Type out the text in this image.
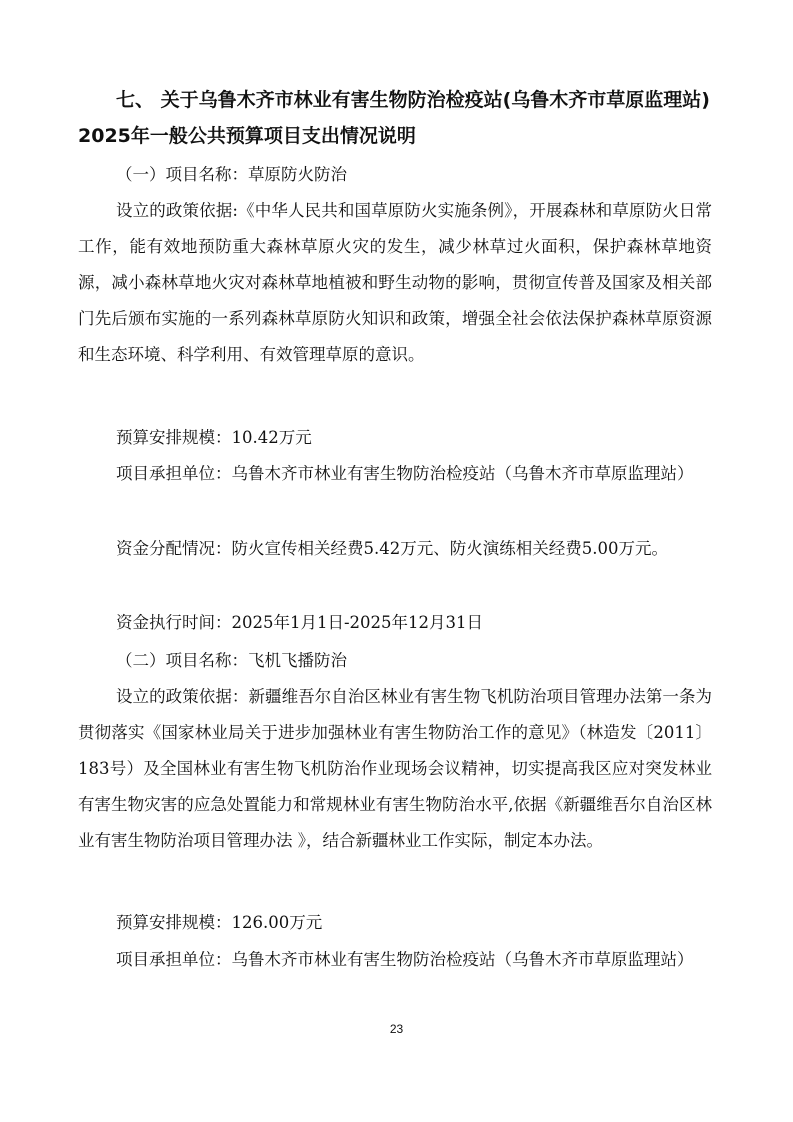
七、 关于乌鲁木齐市林业有害生物防治检疫站(乌鲁木齐市草原监理站)
2025年一般公共预算项目支出情况说明
（一）项目名称：草原防火防治
设立的政策依据:《中华人民共和国草原防火实施条例》，开展森林和草原防火日常工作，能有效地预防重大森林草原火灾的发生，减少林草过火面积，保护森林草地资源，减小森林草地火灾对森林草地植被和野生动物的影响，贯彻宣传普及国家及相关部门先后颁布实施的一系列森林草原防火知识和政策，增强全社会依法保护森林草原资源和生态环境、科学利用、有效管理草原的意识。
预算安排规模：10.42万元
项目承担单位：乌鲁木齐市林业有害生物防治检疫站（乌鲁木齐市草原监理站）
资金分配情况：防火宣传相关经费5.42万元、防火演练相关经费5.00万元。
资金执行时间：2025年1月1日-2025年12月31日
（二）项目名称：飞机飞播防治
设立的政策依据：新疆维吾尔自治区林业有害生物飞机防治项目管理办法第一条为贯彻落实《国家林业局关于进步加强林业有害生物防治工作的意见》（林造发〔2011〕183号）及全国林业有害生物飞机防治作业现场会议精神，切实提高我区应对突发林业有害生物灾害的应急处置能力和常规林业有害生物防治水平,依据《新疆维吾尔自治区林业有害生物防治项目管理办法 》，结合新疆林业工作实际，制定本办法。
预算安排规模：126.00万元
项目承担单位：乌鲁木齐市林业有害生物防治检疫站（乌鲁木齐市草原监理站）
23
